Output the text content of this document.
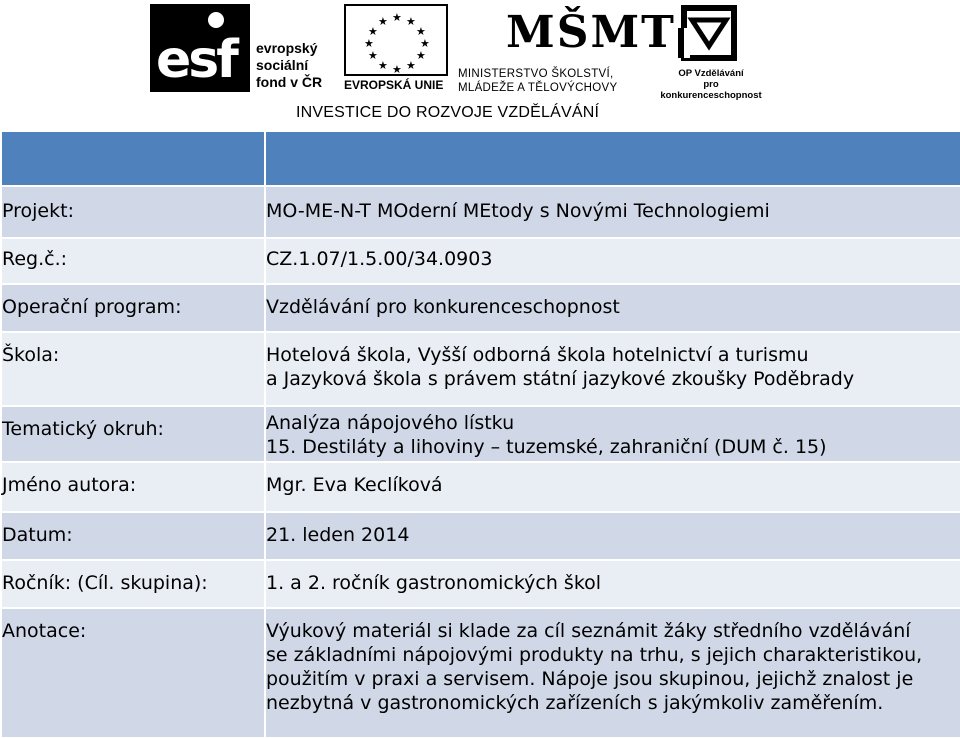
esf evropský
sociální
fond v ČR
★ ★
★
★
★
★
★
★
★
★
★
★
EVROPSKÁ UNIE
MŠMT
MINISTERSTVO ŠKOLSTVÍ,
MLÁDEŽE A TĚLOVÝCHOVY
OP Vzdělávání
pro konkurenceschopnost
INVESTICE DO ROZVOJE VZDĚLÁVÁNÍ

Projekt:	MO-ME-N-T MOderní MEtody s Novými Technologiemi
Reg.č.:	CZ.1.07/1.5.00/34.0903
Operační program:	Vzdělávání pro konkurenceschopnost
Škola:	Hotelová škola, Vyšší odborná škola hotelnictví a turismu
a Jazyková škola s právem státní jazykové zkoušky Poděbrady

Tematický okruh:	Analýza nápojového lístku
15. Destiláty a lihoviny – tuzemské, zahraniční (DUM č. 15)

Jméno autora:	Mgr. Eva Keclíková
Datum:	21. leden 2014
Ročník: (Cíl. skupina):	1. a 2. ročník gastronomických škol
Anotace:	Výukový materiál si klade za cíl seznámit žáky středního vzdělávání
se základními nápojovými produkty na trhu, s jejich charakteristikou,
použitím v praxi a servisem. Nápoje jsou skupinou, jejichž znalost je
nezbytná v gastronomických zařízeních s jakýmkoliv zaměřením.
